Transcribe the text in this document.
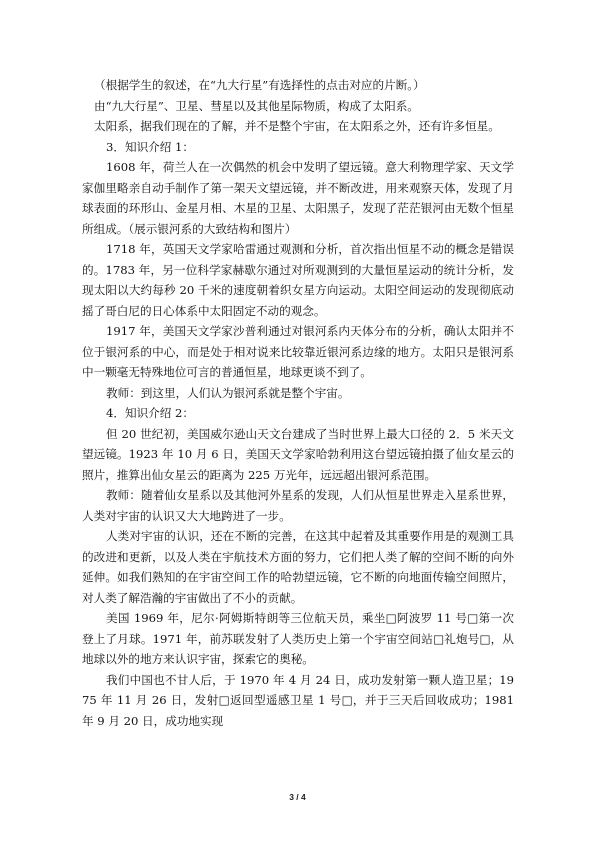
（根据学生的叙述，在“九大行星”有选择性的点击对应的片断。）

由“九大行星”、卫星、彗星以及其他星际物质，构成了太阳系。

太阳系，据我们现在的了解，并不是整个宇宙，在太阳系之外，还有许多恒星。

3．知识介绍 1：

1608 年，荷兰人在一次偶然的机会中发明了望远镜。意大利物理学家、天文学家伽里略亲自动手制作了第一架天文望远镜，并不断改进，用来观察天体，发现了月球表面的环形山、金星月相、木星的卫星、太阳黑子，发现了茫茫银河由无数个恒星所组成。（展示银河系的大致结构和图片）

1718 年，英国天文学家哈雷通过观测和分析，首次指出恒星不动的概念是错误的。1783 年，另一位科学家赫歇尔通过对所观测到的大量恒星运动的统计分析，发现太阳以大约每秒 20 千米的速度朝着织女星方向运动。太阳空间运动的发现彻底动摇了哥白尼的日心体系中太阳固定不动的观念。

1917 年，美国天文学家沙普利通过对银河系内天体分布的分析，确认太阳并不位于银河系的中心，而是处于相对说来比较靠近银河系边缘的地方。太阳只是银河系中一颗毫无特殊地位可言的普通恒星，地球更谈不到了。

教师：到这里，人们认为银河系就是整个宇宙。

4．知识介绍 2：

但 20 世纪初，美国威尔逊山天文台建成了当时世界上最大口径的 2．5 米天文望远镜。1923 年 10 月 6 日，美国天文学家哈勃利用这台望远镜拍摄了仙女星云的照片，推算出仙女星云的距离为 225 万光年，远远超出银河系范围。

教师：随着仙女星系以及其他河外星系的发现，人们从恒星世界走入星系世界，人类对宇宙的认识又大大地跨进了一步。

人类对宇宙的认识，还在不断的完善，在这其中起着及其重要作用是的观测工具的改进和更新，以及人类在宇航技术方面的努力，它们把人类了解的空间不断的向外延伸。如我们熟知的在宇宙空间工作的哈勃望远镜，它不断的向地面传输空间照片，对人类了解浩瀚的宇宙做出了不小的贡献。

美国 1969 年，尼尔·阿姆斯特朗等三位航天员，乘坐□阿波罗 11 号□第一次登上了月球。1971 年，前苏联发射了人类历史上第一个宇宙空间站□礼炮号□，从地球以外的地方来认识宇宙，探索它的奥秘。

我们中国也不甘人后，于 1970 年 4 月 24 日，成功发射第一颗人造卫星；1975 年 11 月 26 日，发射□返回型遥感卫星 1 号□，并于三天后回收成功；1981 年 9 月 20 日，成功地实现

3 / 4
